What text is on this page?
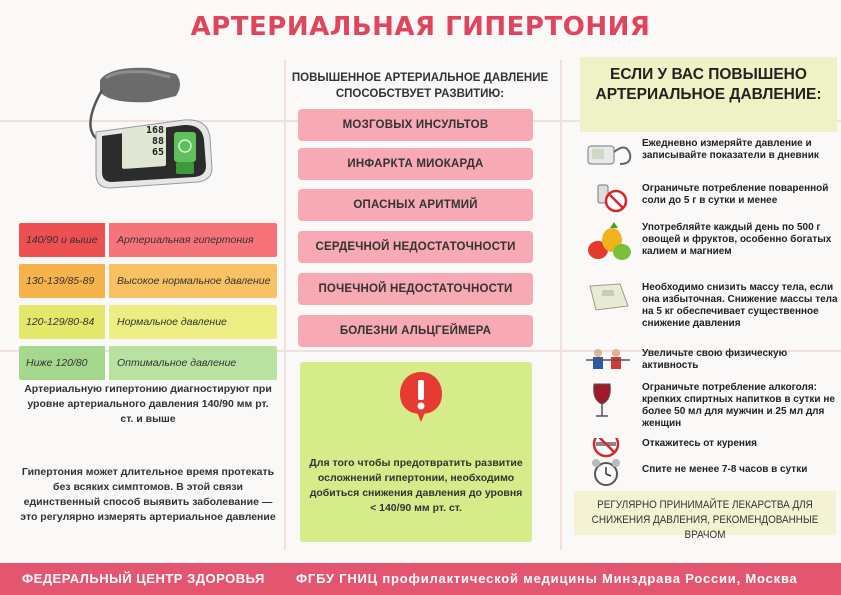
АРТЕРИАЛЬНАЯ ГИПЕРТОНИЯ
168
88
65
140/90 и выше	Артериальная гипертония
130-139/85-89	Высокое нормальное давление
120-129/80-84	Нормальное давление
Ниже 120/80	Оптимальное давление
Артериальную гипертонию диагностируют при уровне артериального давления 140/90 мм рт. ст. и выше
Гипертония может длительное время протекать без всяких симптомов. В этой связи единственный способ выявить заболевание — это регулярно измерять артериальное давление
ПОВЫШЕННОЕ АРТЕРИАЛЬНОЕ ДАВЛЕНИЕ СПОСОБСТВУЕТ РАЗВИТИЮ:
МОЗГОВЫХ ИНСУЛЬТОВ
ИНФАРКТА МИОКАРДА
ОПАСНЫХ АРИТМИЙ
СЕРДЕЧНОЙ НЕДОСТАТОЧНОСТИ
ПОЧЕЧНОЙ НЕДОСТАТОЧНОСТИ
БОЛЕЗНИ АЛЬЦГЕЙМЕРА
Для того чтобы предотвратить развитие осложнений гипертонии, необходимо добиться снижения давления до уровня < 140/90 мм рт. ст.
ЕСЛИ У ВАС ПОВЫШЕНО АРТЕРИАЛЬНОЕ ДАВЛЕНИЕ:
Ежедневно измеряйте давление и записывайте показатели в дневник
Ограничьте потребление поваренной соли до 5 г в сутки и менее
Употребляйте каждый день по 500 г овощей и фруктов, особенно богатых калием и магнием
Необходимо снизить массу тела, если она избыточная. Снижение массы тела на 5 кг обеспечивает существенное снижение давления
Увеличьте свою физическую активность
Ограничьте потребление алкоголя: крепких спиртных напитков в сутки не более 50 мл для мужчин и 25 мл для женщин
Откажитесь от курения
Спите не менее 7-8 часов в сутки
РЕГУЛЯРНО ПРИНИМАЙТЕ ЛЕКАРСТВА ДЛЯ СНИЖЕНИЯ ДАВЛЕНИЯ, РЕКОМЕНДОВАННЫЕ ВРАЧОМ
ФЕДЕРАЛЬНЫЙ ЦЕНТР ЗДОРОВЬЯ ФГБУ ГНИЦ профилактической медицины Минздрава России, Москва
